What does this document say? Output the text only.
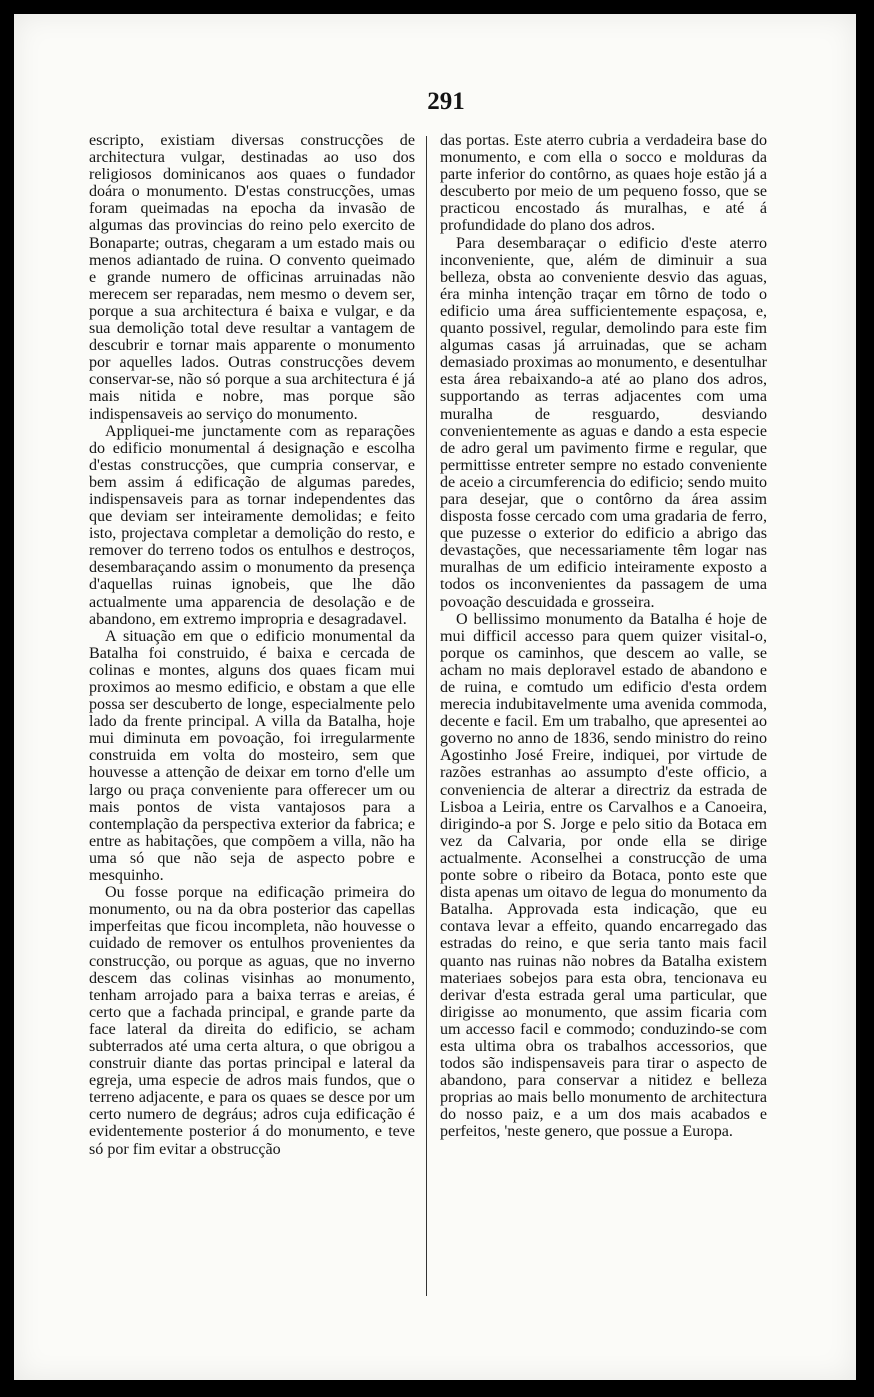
291

escripto, existiam diversas construcções de architectura vulgar, destinadas ao uso dos religiosos dominicanos aos quaes o fundador doára o monumento. D'estas construcções, umas foram queimadas na epocha da invasão de algumas das provincias do reino pelo exercito de Bonaparte; outras, chegaram a um estado mais ou menos adiantado de ruina. O convento queimado e grande numero de officinas arruinadas não merecem ser reparadas, nem mesmo o devem ser, porque a sua architectura é baixa e vulgar, e da sua demolição total deve resultar a vantagem de descubrir e tornar mais apparente o monumento por aquelles lados. Outras construcções devem conservar-se, não só porque a sua architectura é já mais nitida e nobre, mas porque são indispensaveis ao serviço do monumento.

Appliquei-me junctamente com as reparações do edificio monumental á designação e escolha d'estas construcções, que cumpria conservar, e bem assim á edificação de algumas paredes, indispensaveis para as tornar independentes das que deviam ser inteiramente demolidas; e feito isto, projectava completar a demolição do resto, e remover do terreno todos os entulhos e destroços, desembaraçando assim o monumento da presença d'aquellas ruinas ignobeis, que lhe dão actualmente uma apparencia de desolação e de abandono, em extremo impropria e desagradavel.

A situação em que o edificio monumental da Batalha foi construido, é baixa e cercada de colinas e montes, alguns dos quaes ficam mui proximos ao mesmo edificio, e obstam a que elle possa ser descuberto de longe, especialmente pelo lado da frente principal. A villa da Batalha, hoje mui diminuta em povoação, foi irregularmente construida em volta do mosteiro, sem que houvesse a attenção de deixar em torno d'elle um largo ou praça conveniente para offerecer um ou mais pontos de vista vantajosos para a contemplação da perspectiva exterior da fabrica; e entre as habitações, que compõem a villa, não ha uma só que não seja de aspecto pobre e mesquinho.

Ou fosse porque na edificação primeira do monumento, ou na da obra posterior das capellas imperfeitas que ficou incompleta, não houvesse o cuidado de remover os entulhos provenientes da construcção, ou porque as aguas, que no inverno descem das colinas visinhas ao monumento, tenham arrojado para a baixa terras e areias, é certo que a fachada principal, e grande parte da face lateral da direita do edificio, se acham subterrados até uma certa altura, o que obrigou a construir diante das portas principal e lateral da egreja, uma especie de adros mais fundos, que o terreno adjacente, e para os quaes se desce por um certo numero de degráus; adros cuja edificação é evidentemente posterior á do monumento, e teve só por fim evitar a obstrucção

das portas. Este aterro cubria a verdadeira base do monumento, e com ella o socco e molduras da parte inferior do contôrno, as quaes hoje estão já a descuberto por meio de um pequeno fosso, que se practicou encostado ás muralhas, e até á profundidade do plano dos adros.

Para desembaraçar o edificio d'este aterro inconveniente, que, além de diminuir a sua belleza, obsta ao conveniente desvio das aguas, éra minha intenção traçar em tôrno de todo o edificio uma área sufficientemente espaçosa, e, quanto possivel, regular, demolindo para este fim algumas casas já arruinadas, que se acham demasiado proximas ao monumento, e desentulhar esta área rebaixando-a até ao plano dos adros, supportando as terras adjacentes com uma muralha de resguardo, desviando convenientemente as aguas e dando a esta especie de adro geral um pavimento firme e regular, que permittisse entreter sempre no estado conveniente de aceio a circumferencia do edificio; sendo muito para desejar, que o contôrno da área assim disposta fosse cercado com uma gradaria de ferro, que puzesse o exterior do edificio a abrigo das devastações, que necessariamente têm logar nas muralhas de um edificio inteiramente exposto a todos os inconvenientes da passagem de uma povoação descuidada e grosseira.

O bellissimo monumento da Batalha é hoje de mui difficil accesso para quem quizer visital-o, porque os caminhos, que descem ao valle, se acham no mais deploravel estado de abandono e de ruina, e comtudo um edificio d'esta ordem merecia indubitavelmente uma avenida commoda, decente e facil. Em um trabalho, que apresentei ao governo no anno de 1836, sendo ministro do reino Agostinho José Freire, indiquei, por virtude de razões estranhas ao assumpto d'este officio, a conveniencia de alterar a directriz da estrada de Lisboa a Leiria, entre os Carvalhos e a Canoeira, dirigindo-a por S. Jorge e pelo sitio da Botaca em vez da Calvaria, por onde ella se dirige actualmente. Aconselhei a construcção de uma ponte sobre o ribeiro da Botaca, ponto este que dista apenas um oitavo de legua do monumento da Batalha. Approvada esta indicação, que eu contava levar a effeito, quando encarregado das estradas do reino, e que seria tanto mais facil quanto nas ruinas não nobres da Batalha existem materiaes sobejos para esta obra, tencionava eu derivar d'esta estrada geral uma particular, que dirigisse ao monumento, que assim ficaria com um accesso facil e commodo; conduzindo-se com esta ultima obra os trabalhos accessorios, que todos são indispensaveis para tirar o aspecto de abandono, para conservar a nitidez e belleza proprias ao mais bello monumento de architectura do nosso paiz, e a um dos mais acabados e perfeitos, 'neste genero, que possue a Europa.
